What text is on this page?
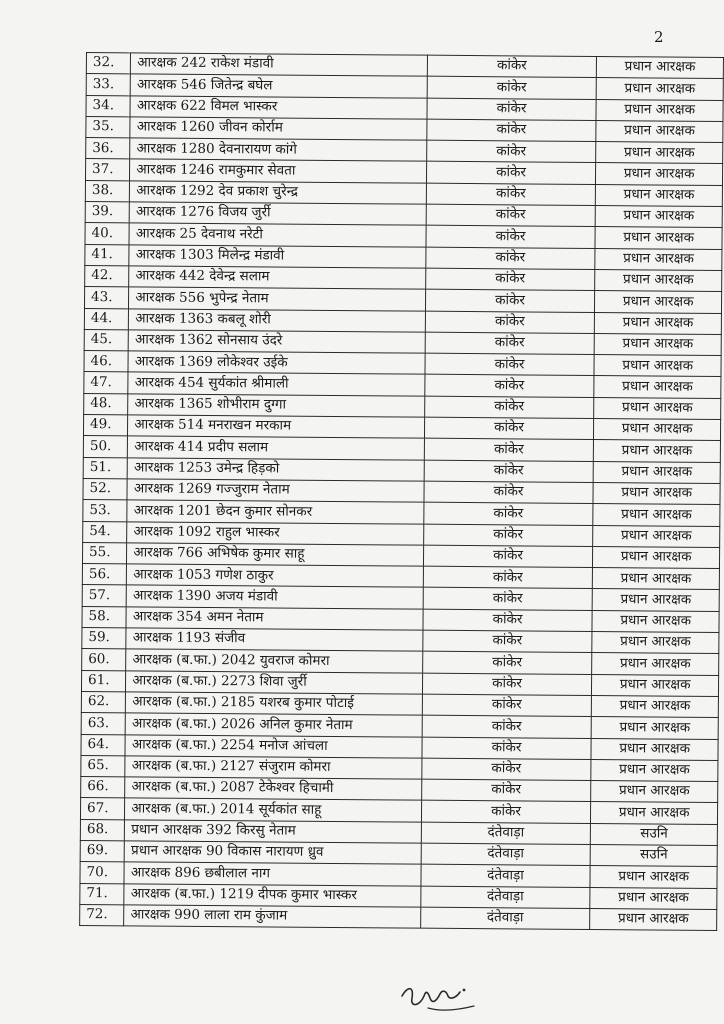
2
32.	आरक्षक 242 राकेश मंडावी	कांकेर	प्रधान आरक्षक
33.	आरक्षक 546 जितेन्द्र बघेल	कांकेर	प्रधान आरक्षक
34.	आरक्षक 622 विमल भास्कर	कांकेर	प्रधान आरक्षक
35.	आरक्षक 1260 जीवन कोर्राम	कांकेर	प्रधान आरक्षक
36.	आरक्षक 1280 देवनारायण कांगे	कांकेर	प्रधान आरक्षक
37.	आरक्षक 1246 रामकुमार सेवता	कांकेर	प्रधान आरक्षक
38.	आरक्षक 1292 देव प्रकाश चुरेन्द्र	कांकेर	प्रधान आरक्षक
39.	आरक्षक 1276 विजय जुर्री	कांकेर	प्रधान आरक्षक
40.	आरक्षक 25 देवनाथ नरेटी	कांकेर	प्रधान आरक्षक
41.	आरक्षक 1303 मिलेन्द्र मंडावी	कांकेर	प्रधान आरक्षक
42.	आरक्षक 442 देवेन्द्र सलाम	कांकेर	प्रधान आरक्षक
43.	आरक्षक 556 भुपेन्द्र नेताम	कांकेर	प्रधान आरक्षक
44.	आरक्षक 1363 कबलू शोरी	कांकेर	प्रधान आरक्षक
45.	आरक्षक 1362 सोनसाय उंदरे	कांकेर	प्रधान आरक्षक
46.	आरक्षक 1369 लोकेश्वर उईके	कांकेर	प्रधान आरक्षक
47.	आरक्षक 454 सुर्यकांत श्रीमाली	कांकेर	प्रधान आरक्षक
48.	आरक्षक 1365 शोभीराम दुग्गा	कांकेर	प्रधान आरक्षक
49.	आरक्षक 514 मनराखन मरकाम	कांकेर	प्रधान आरक्षक
50.	आरक्षक 414 प्रदीप सलाम	कांकेर	प्रधान आरक्षक
51.	आरक्षक 1253 उमेन्द्र हिड़को	कांकेर	प्रधान आरक्षक
52.	आरक्षक 1269 गज्जुराम नेताम	कांकेर	प्रधान आरक्षक
53.	आरक्षक 1201 छेदन कुमार सोनकर	कांकेर	प्रधान आरक्षक
54.	आरक्षक 1092 राहुल भास्कर	कांकेर	प्रधान आरक्षक
55.	आरक्षक 766 अभिषेक कुमार साहू	कांकेर	प्रधान आरक्षक
56.	आरक्षक 1053 गणेश ठाकुर	कांकेर	प्रधान आरक्षक
57.	आरक्षक 1390 अजय मंडावी	कांकेर	प्रधान आरक्षक
58.	आरक्षक 354 अमन नेताम	कांकेर	प्रधान आरक्षक
59.	आरक्षक 1193 संजीव	कांकेर	प्रधान आरक्षक
60.	आरक्षक (ब.फा.) 2042 युवराज कोमरा	कांकेर	प्रधान आरक्षक
61.	आरक्षक (ब.फा.) 2273 शिवा जुर्री	कांकेर	प्रधान आरक्षक
62.	आरक्षक (ब.फा.) 2185 यशरब कुमार पोटाई	कांकेर	प्रधान आरक्षक
63.	आरक्षक (ब.फा.) 2026 अनिल कुमार नेताम	कांकेर	प्रधान आरक्षक
64.	आरक्षक (ब.फा.) 2254 मनोज आंचला	कांकेर	प्रधान आरक्षक
65.	आरक्षक (ब.फा.) 2127 संजुराम कोमरा	कांकेर	प्रधान आरक्षक
66.	आरक्षक (ब.फा.) 2087 टेकेश्वर हिचामी	कांकेर	प्रधान आरक्षक
67.	आरक्षक (ब.फा.) 2014 सूर्यकांत साहू	कांकेर	प्रधान आरक्षक
68.	प्रधान आरक्षक 392 किरसु नेताम	दंतेवाड़ा	सउनि
69.	प्रधान आरक्षक 90 विकास नारायण ध्रुव	दंतेवाड़ा	सउनि
70.	आरक्षक 896 छबीलाल नाग	दंतेवाड़ा	प्रधान आरक्षक
71.	आरक्षक (ब.फा.) 1219 दीपक कुमार भास्कर	दंतेवाड़ा	प्रधान आरक्षक
72.	आरक्षक 990 लाला राम कुंजाम	दंतेवाड़ा	प्रधान आरक्षक
